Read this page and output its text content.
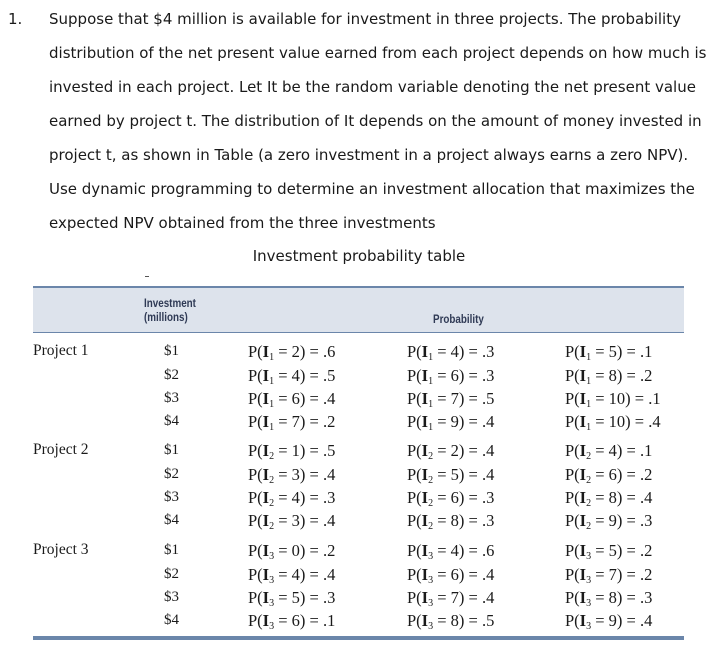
1. Suppose that $4 million is available for investment in three projects. The probability
distribution of the net present value earned from each project depends on how much is
invested in each project. Let It be the random variable denoting the net present value
earned by project t. The distribution of It depends on the amount of money invested in
project t, as shown in Table (a zero investment in a project always earns a zero NPV).
Use dynamic programming to determine an investment allocation that maximizes the
expected NPV obtained from the three investments
Investment probability table
Investment
(millions)	Probability
Project 1	$1	$P(I_1 = 2) = .6$	$P(I_1 = 4) = .3$	$P(I_1 = 5) = .1$
$2	$P(I_1 = 4) = .5$	$P(I_1 = 6) = .3$	$P(I_1 = 8) = .2$
$3	$P(I_1 = 6) = .4$	$P(I_1 = 7) = .5$	$P(I_1 = 10) = .1$
$4	$P(I_1 = 7) = .2$	$P(I_1 = 9) = .4$	$P(I_1 = 10) = .4$
Project 2	$1	$P(I_2 = 1) = .5$	$P(I_2 = 2) = .4$	$P(I_2 = 4) = .1$
$2	$P(I_2 = 3) = .4$	$P(I_2 = 5) = .4$	$P(I_2 = 6) = .2$
$3	$P(I_2 = 4) = .3$	$P(I_2 = 6) = .3$	$P(I_2 = 8) = .4$
$4	$P(I_2 = 3) = .4$	$P(I_2 = 8) = .3$	$P(I_2 = 9) = .3$
Project 3	$1	$P(I_3 = 0) = .2$	$P(I_3 = 4) = .6$	$P(I_3 = 5) = .2$
$2	$P(I_3 = 4) = .4$	$P(I_3 = 6) = .4$	$P(I_3 = 7) = .2$
$3	$P(I_3 = 5) = .3$	$P(I_3 = 7) = .4$	$P(I_3 = 8) = .3$
$4	$P(I_3 = 6) = .1$	$P(I_3 = 8) = .5$	$P(I_3 = 9) = .4$
